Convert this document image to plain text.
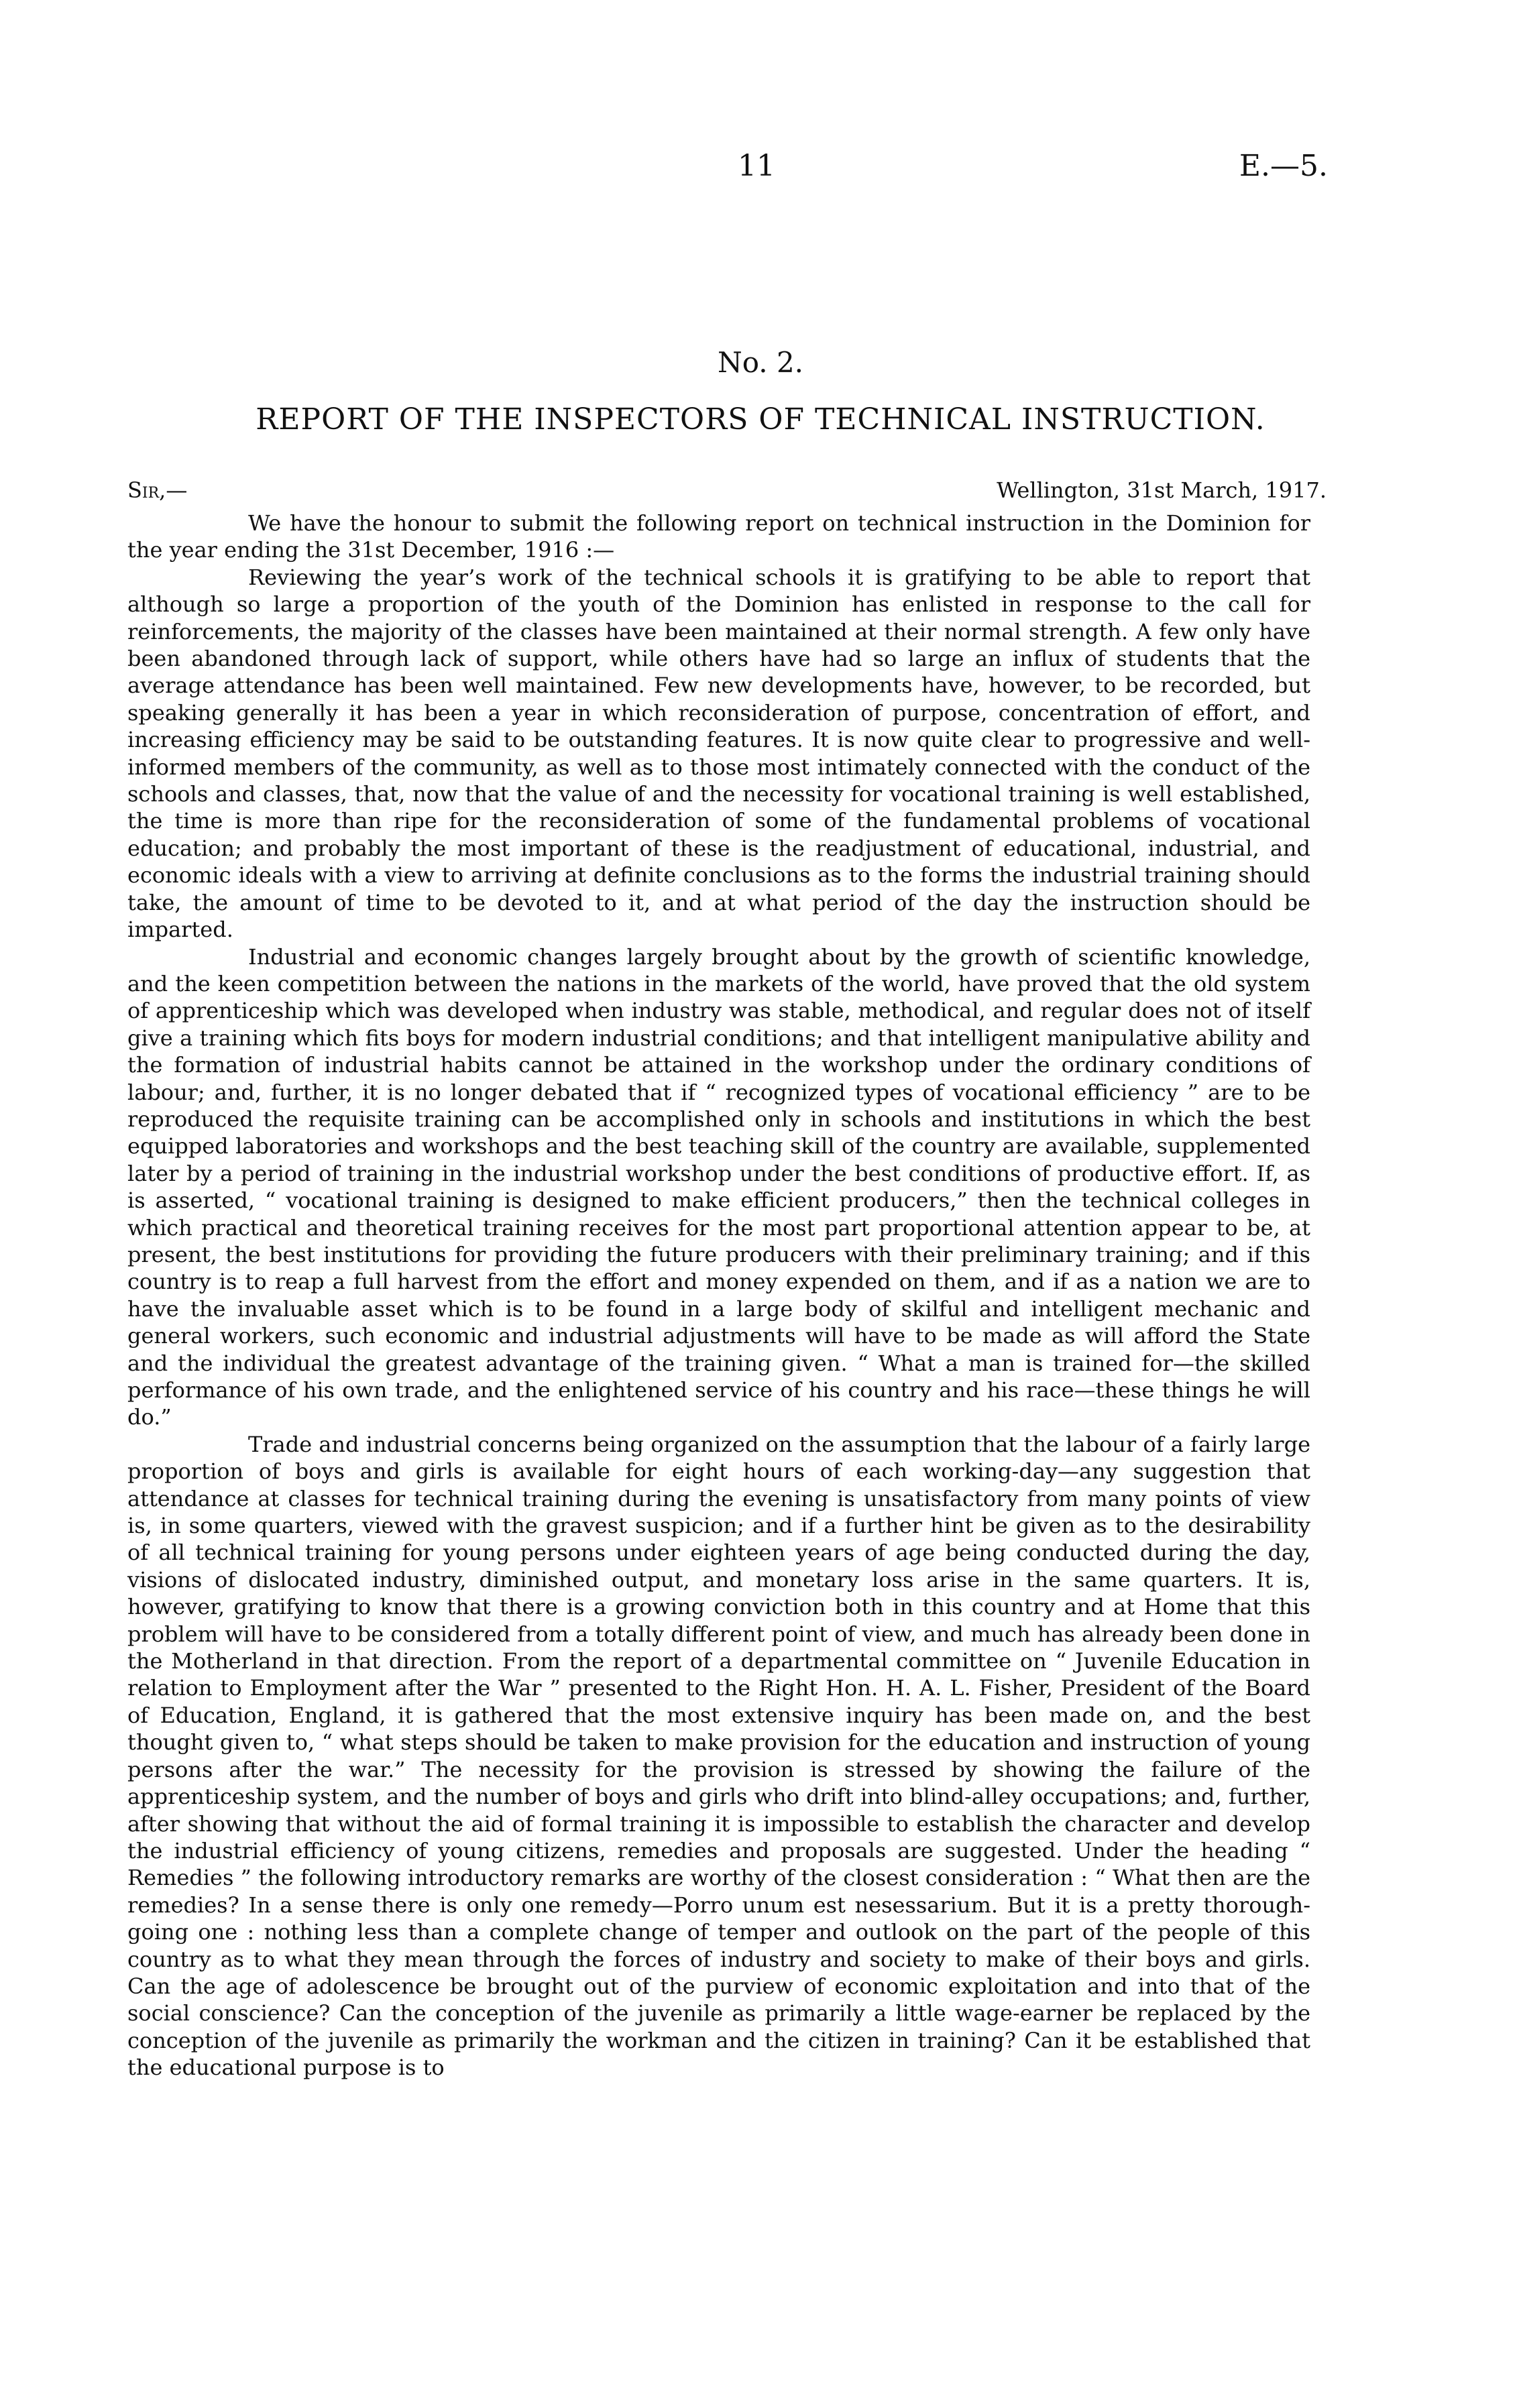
11	E.—5.
No. 2.
REPORT OF THE INSPECTORS OF TECHNICAL INSTRUCTION.
Sir,—	Wellington, 31st March, 1917.

We have the honour to submit the following report on technical instruction in the Dominion for the year ending the 31st December, 1916 :—

Reviewing the year’s work of the technical schools it is gratifying to be able to report that although so large a proportion of the youth of the Dominion has enlisted in response to the call for reinforcements, the majority of the classes have been maintained at their normal strength. A few only have been abandoned through lack of support, while others have had so large an influx of students that the average attendance has been well maintained. Few new developments have, however, to be recorded, but speaking generally it has been a year in which reconsideration of purpose, concentration of effort, and increasing efficiency may be said to be outstanding features. It is now quite clear to progressive and well-informed members of the community, as well as to those most intimately connected with the conduct of the schools and classes, that, now that the value of and the necessity for vocational training is well established, the time is more than ripe for the reconsideration of some of the fundamental problems of vocational education; and probably the most important of these is the readjustment of educational, industrial, and economic ideals with a view to arriving at definite conclusions as to the forms the industrial training should take, the amount of time to be devoted to it, and at what period of the day the instruction should be imparted.

Industrial and economic changes largely brought about by the growth of scientific knowledge, and the keen competition between the nations in the markets of the world, have proved that the old system of apprenticeship which was developed when industry was stable, methodical, and regular does not of itself give a training which fits boys for modern industrial conditions; and that intelligent manipulative ability and the formation of industrial habits cannot be attained in the workshop under the ordinary conditions of labour; and, further, it is no longer debated that if “ recognized types of vocational efficiency ” are to be reproduced the requisite training can be accomplished only in schools and institutions in which the best equipped laboratories and workshops and the best teaching skill of the country are available, supplemented later by a period of training in the industrial workshop under the best conditions of productive effort. If, as is asserted, “ vocational training is designed to make efficient producers,” then the technical colleges in which practical and theoretical training receives for the most part proportional attention appear to be, at present, the best institutions for providing the future producers with their preliminary training; and if this country is to reap a full harvest from the effort and money expended on them, and if as a nation we are to have the invaluable asset which is to be found in a large body of skilful and intelligent mechanic and general workers, such economic and industrial adjustments will have to be made as will afford the State and the individual the greatest advantage of the training given. “ What a man is trained for—the skilled performance of his own trade, and the enlightened service of his country and his race—these things he will do.”

Trade and industrial concerns being organized on the assumption that the labour of a fairly large proportion of boys and girls is available for eight hours of each working-day—any suggestion that attendance at classes for technical training during the evening is unsatisfactory from many points of view is, in some quarters, viewed with the gravest suspicion; and if a further hint be given as to the desirability of all technical training for young persons under eighteen years of age being conducted during the day, visions of dislocated industry, diminished output, and monetary loss arise in the same quarters. It is, however, gratifying to know that there is a growing conviction both in this country and at Home that this problem will have to be considered from a totally different point of view, and much has already been done in the Motherland in that direction. From the report of a departmental committee on “ Juvenile Education in relation to Employment after the War ” presented to the Right Hon. H. A. L. Fisher, President of the Board of Education, England, it is gathered that the most extensive inquiry has been made on, and the best thought given to, “ what steps should be taken to make provision for the education and instruction of young persons after the war.” The necessity for the provision is stressed by showing the failure of the apprenticeship system, and the number of boys and girls who drift into blind-alley occupations; and, further, after showing that without the aid of formal training it is impossible to establish the character and develop the industrial efficiency of young citizens, remedies and proposals are suggested. Under the heading “ Remedies ” the following introductory remarks are worthy of the closest consideration : “ What then are the remedies? In a sense there is only one remedy—Porro unum est nesessarium. But it is a pretty thorough-going one : nothing less than a complete change of temper and outlook on the part of the people of this country as to what they mean through the forces of industry and society to make of their boys and girls. Can the age of adolescence be brought out of the purview of economic exploitation and into that of the social conscience? Can the conception of the juvenile as primarily a little wage-earner be replaced by the conception of the juvenile as primarily the workman and the citizen in training? Can it be established that the educational purpose is to
